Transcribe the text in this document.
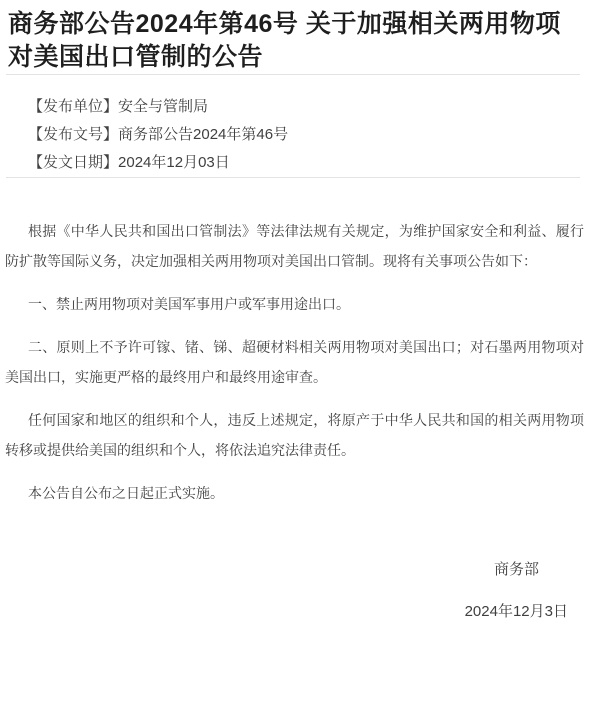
商务部公告2024年第46号 关于加强相关两用物项对美国出口管制的公告
【发布单位】安全与管制局
【发布文号】商务部公告2024年第46号
【发文日期】2024年12月03日

根据《中华人民共和国出口管制法》等法律法规有关规定，为维护国家安全和利益、履行防扩散等国际义务，决定加强相关两用物项对美国出口管制。现将有关事项公告如下：

一、禁止两用物项对美国军事用户或军事用途出口。

二、原则上不予许可镓、锗、锑、超硬材料相关两用物项对美国出口；对石墨两用物项对美国出口，实施更严格的最终用户和最终用途审查。

任何国家和地区的组织和个人，违反上述规定，将原产于中华人民共和国的相关两用物项转移或提供给美国的组织和个人，将依法追究法律责任。

本公告自公布之日起正式实施。

商务部
2024年12月3日
